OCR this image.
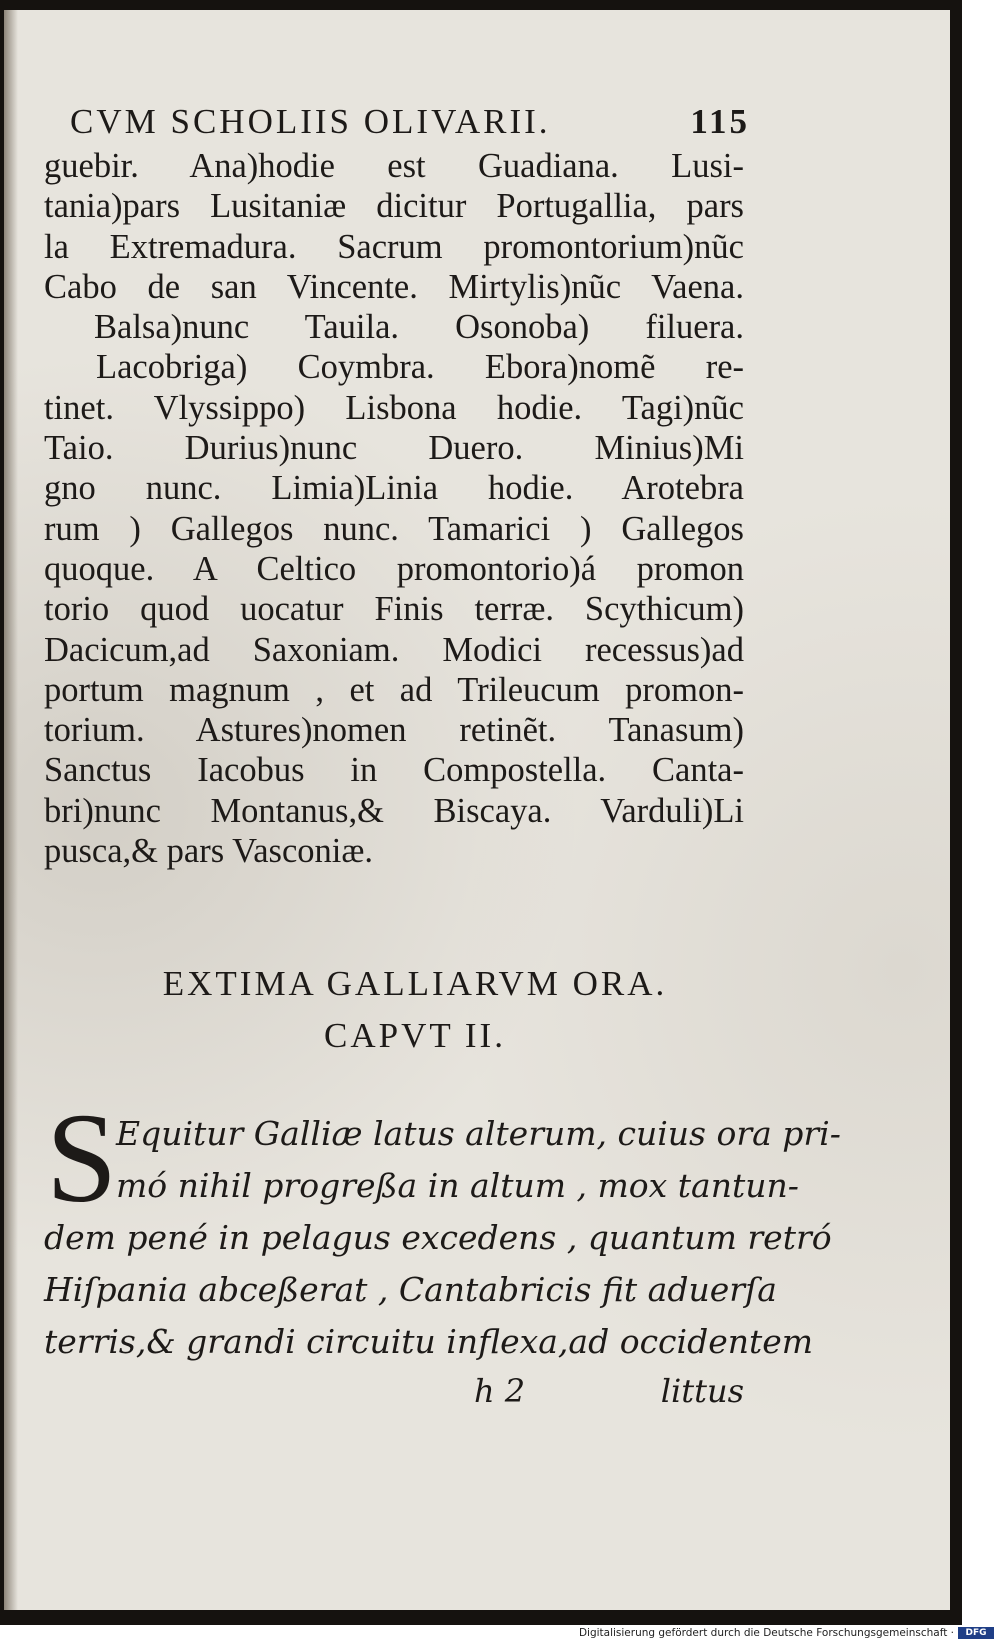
CVM SCHOLIIS OLIVARII.	115
guebir. Ana)hodie est Guadiana. Lusi-
tania)pars Lusitaniæ dicitur Portugallia, pars
la Extremadura. Sacrum promontorium)nũc
Cabo de san Vincente. Mirtylis)nũc Vaena.
Balsa)nunc Tauila. Osonoba) filuera.
Lacobriga) Coymbra. Ebora)nomẽ re-
tinet. Vlyssippo) Lisbona hodie. Tagi)nũc
Taio. Durius)nunc Duero. Minius)Mi
gno nunc. Limia)Linia hodie. Arotebra
rum ) Gallegos nunc. Tamarici ) Gallegos
quoque. A Celtico promontorio)á promon
torio quod uocatur Finis terræ. Scythicum)
Dacicum,ad Saxoniam. Modici recessus)ad
portum magnum , et ad Trileucum promon-
torium. Astures)nomen retinẽt. Tanasum)
Sanctus Iacobus in Compostella. Canta-
bri)nunc Montanus,& Biscaya. Varduli)Li
pusca,& pars Vasconiæ.
EXTIMA GALLIARVM ORA.
CAPVT II.
S
Equitur Galliæ latus alterum, cuius ora pri-
mó nihil progreßa in altum , mox tantun-
dem pené in pelagus excedens , quantum retró
Hiſpania abceßerat , Cantabricis fit aduerſa
terris,& grandi circuitu inflexa,ad occidentem
h 2	littus
Digitalisierung gefördert durch die Deutsche Forschungsgemeinschaft ·	DFG
